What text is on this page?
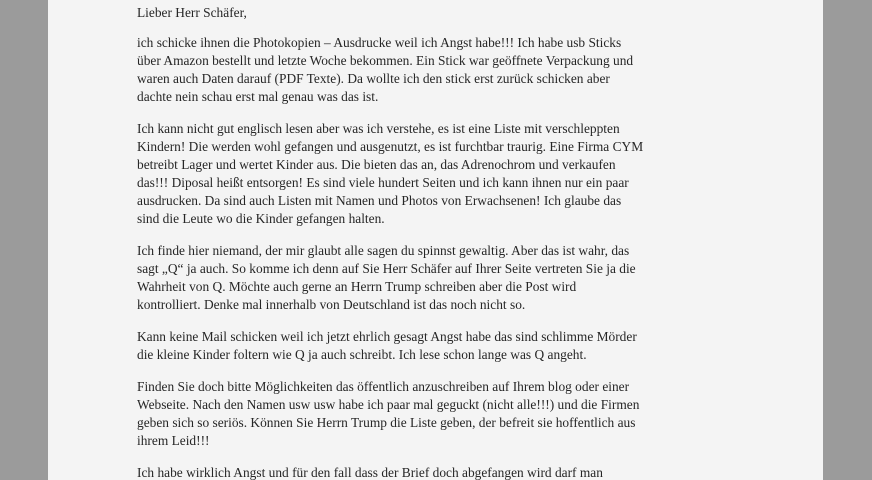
Lieber Herr Schäfer,

ich schicke ihnen die Photokopien – Ausdrucke weil ich Angst habe!!! Ich habe usb Sticks
über Amazon bestellt und letzte Woche bekommen. Ein Stick war geöffnete Verpackung und
waren auch Daten darauf (PDF Texte). Da wollte ich den stick erst zurück schicken aber
dachte nein schau erst mal genau was das ist.

Ich kann nicht gut englisch lesen aber was ich verstehe, es ist eine Liste mit verschleppten
Kindern! Die werden wohl gefangen und ausgenutzt, es ist furchtbar traurig. Eine Firma CYM
betreibt Lager und wertet Kinder aus. Die bieten das an, das Adrenochrom und verkaufen
das!!! Diposal heißt entsorgen! Es sind viele hundert Seiten und ich kann ihnen nur ein paar
ausdrucken. Da sind auch Listen mit Namen und Photos von Erwachsenen! Ich glaube das
sind die Leute wo die Kinder gefangen halten.

Ich finde hier niemand, der mir glaubt alle sagen du spinnst gewaltig. Aber das ist wahr, das
sagt „Q“ ja auch. So komme ich denn auf Sie Herr Schäfer auf Ihrer Seite vertreten Sie ja die
Wahrheit von Q. Möchte auch gerne an Herrn Trump schreiben aber die Post wird
kontrolliert. Denke mal innerhalb von Deutschland ist das noch nicht so.

Kann keine Mail schicken weil ich jetzt ehrlich gesagt Angst habe das sind schlimme Mörder
die kleine Kinder foltern wie Q ja auch schreibt. Ich lese schon lange was Q angeht.

Finden Sie doch bitte Möglichkeiten das öffentlich anzuschreiben auf Ihrem blog oder einer
Webseite. Nach den Namen usw usw habe ich paar mal geguckt (nicht alle!!!) und die Firmen
geben sich so seriös. Können Sie Herrn Trump die Liste geben, der befreit sie hoffentlich aus
ihrem Leid!!!

Ich habe wirklich Angst und für den fall dass der Brief doch abgefangen wird darf man
